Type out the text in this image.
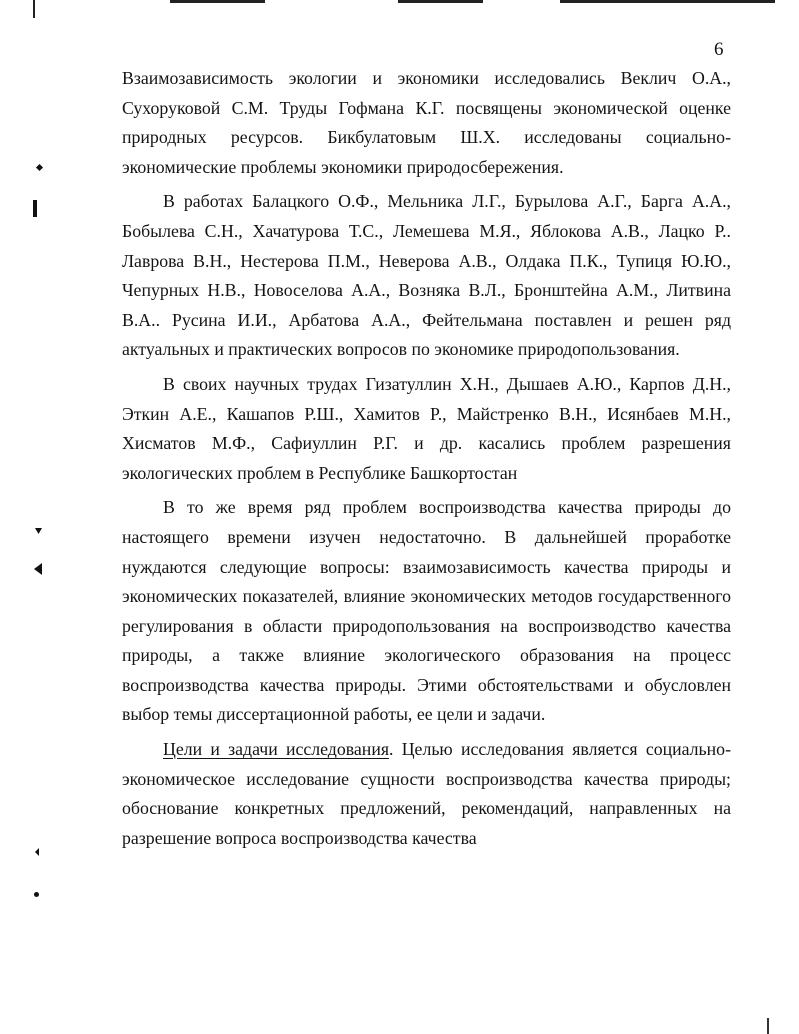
6

Взаимозависимость экологии и экономики исследовались Веклич О.А., Сухоруковой С.М. Труды Гофмана К.Г. посвящены экономической оценке природных ресурсов. Бикбулатовым Ш.Х. исследованы социально-экономические проблемы экономики природосбережения.

В работах Балацкого О.Ф., Мельника Л.Г., Бурылова А.Г., Барга А.А., Бобылева С.Н., Хачатурова Т.С., Лемешева М.Я., Яблокова А.В., Лацко Р.. Лаврова В.Н., Нестерова П.М., Неверова А.В., Олдака П.К., Тупиця Ю.Ю., Чепурных Н.В., Новоселова А.А., Возняка В.Л., Бронштейна А.М., Литвина В.А.. Русина И.И., Арбатова А.А., Фейтельмана поставлен и решен ряд актуальных и практических вопросов по экономике природопользования.

В своих научных трудах Гизатуллин Х.Н., Дышаев А.Ю., Карпов Д.Н., Эткин А.Е., Кашапов Р.Ш., Хамитов Р., Майстренко В.Н., Исянбаев М.Н., Хисматов М.Ф., Сафиуллин Р.Г. и др. касались проблем разрешения экологических проблем в Республике Башкортостан

В то же время ряд проблем воспроизводства качества природы до настоящего времени изучен недостаточно. В дальнейшей проработке нуждаются следующие вопросы: взаимозависимость качества природы и экономических показателей, влияние экономических методов государственного регулирования в области природопользования на воспроизводство качества природы, а также влияние экологического образования на процесс воспроизводства качества природы. Этими обстоятельствами и обусловлен выбор темы диссертационной работы, ее цели и задачи.

Цели и задачи исследования. Целью исследования является социально-экономическое исследование сущности воспроизводства качества природы; обоснование конкретных предложений, рекомендаций, направленных на разрешение вопроса воспроизводства качества
